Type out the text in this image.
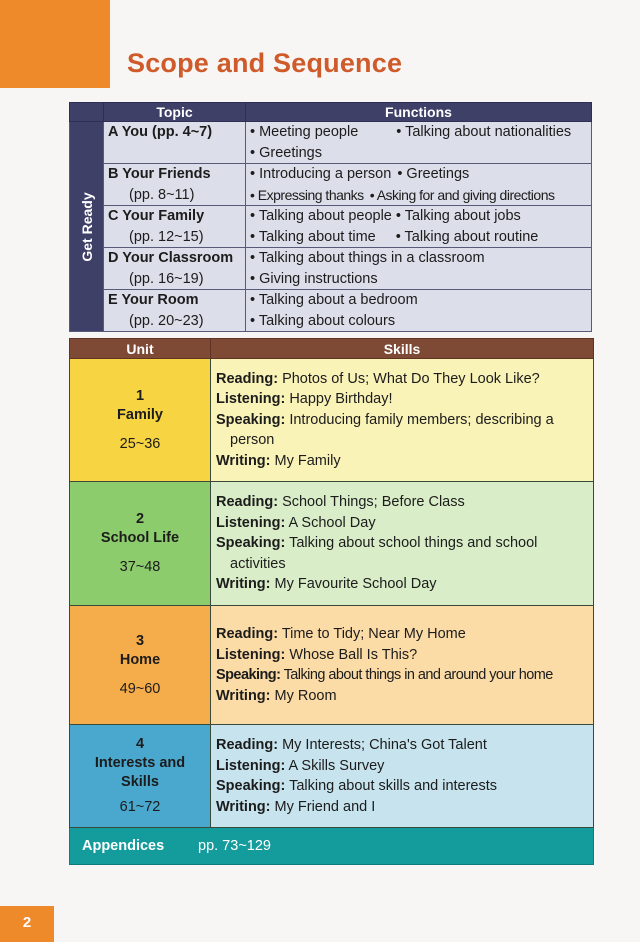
Scope and Sequence
	Topic	Functions

Get Ready	A You (pp. 4~7)	• Meeting people • Talking about nationalities
• Greetings

	B Your Friends
(pp. 8~11)	• Introducing a person • Greetings
• Expressing thanks • Asking for and giving directions

	C Your Family
(pp. 12~15)	• Talking about people • Talking about jobs
• Talking about time • Talking about routine

	D Your Classroom
(pp. 16~19)	• Talking about things in a classroom
• Giving instructions

	E Your Room
(pp. 20~23)	• Talking about a bedroom
• Talking about colours
Unit	Skills

1
Family
25~36	Reading: Photos of Us; What Do They Look Like?
Listening: Happy Birthday!
Speaking: Introducing family members; describing a
person
Writing: My Family

2
School Life
37~48	Reading: School Things; Before Class
Listening: A School Day
Speaking: Talking about school things and school
activities
Writing: My Favourite School Day

3
Home
49~60	Reading: Time to Tidy; Near My Home
Listening: Whose Ball Is This?
Speaking: Talking about things in and around your home
Writing: My Room

4
Interests and
Skills
61~72	Reading: My Interests; China's Got Talent
Listening: A Skills Survey
Speaking: Talking about skills and interests
Writing: My Friend and I

Appendices pp. 73~129	
2
